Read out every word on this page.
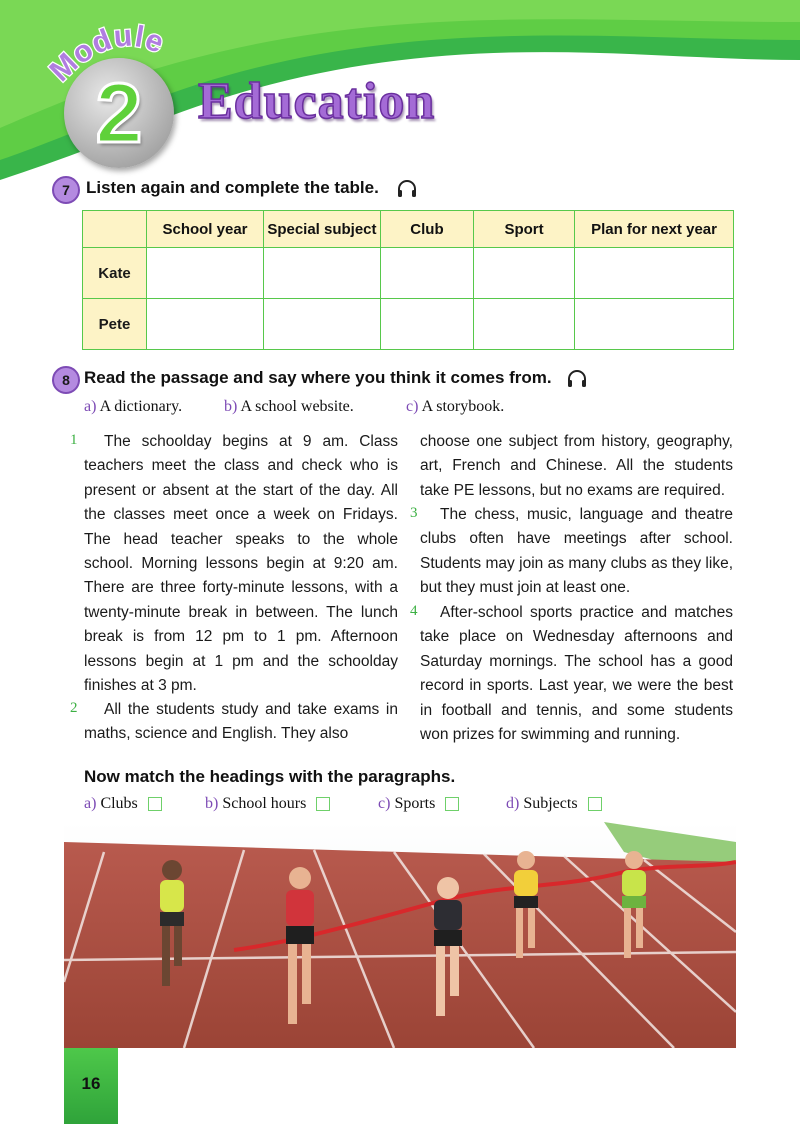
2
Module
Education
7 Listen again and complete the table.
	School year	Special subject	Club	Sport	Plan for next year
Kate					
Pete					
8 Read the passage and say where you think it comes from.
a) A dictionary.	b) A school website.	c) A storybook.
1	The schoolday begins at 9 am. Class teachers meet the class and check who is present or absent at the start of the day. All the classes meet once a week on Fridays. The head teacher speaks to the whole school. Morning lessons begin at 9:20 am. There are three forty-minute lessons, with a twenty-minute break in between. The lunch break is from 12 pm to 1 pm. Afternoon lessons begin at 1 pm and the schoolday finishes at 3 pm.
2	All the students study and take exams in maths, science and English. They also
choose one subject from history, geography, art, French and Chinese. All the students take PE lessons, but no exams are required.
3	The chess, music, language and theatre clubs often have meetings after school. Students may join as many clubs as they like, but they must join at least one.
4	After-school sports practice and matches take place on Wednesday afternoons and Saturday mornings. The school has a good record in sports. Last year, we were the best in football and tennis, and some students won prizes for swimming and running.
Now match the headings with the paragraphs.
a) Clubs	b) School hours	c) Sports	d) Subjects
16
